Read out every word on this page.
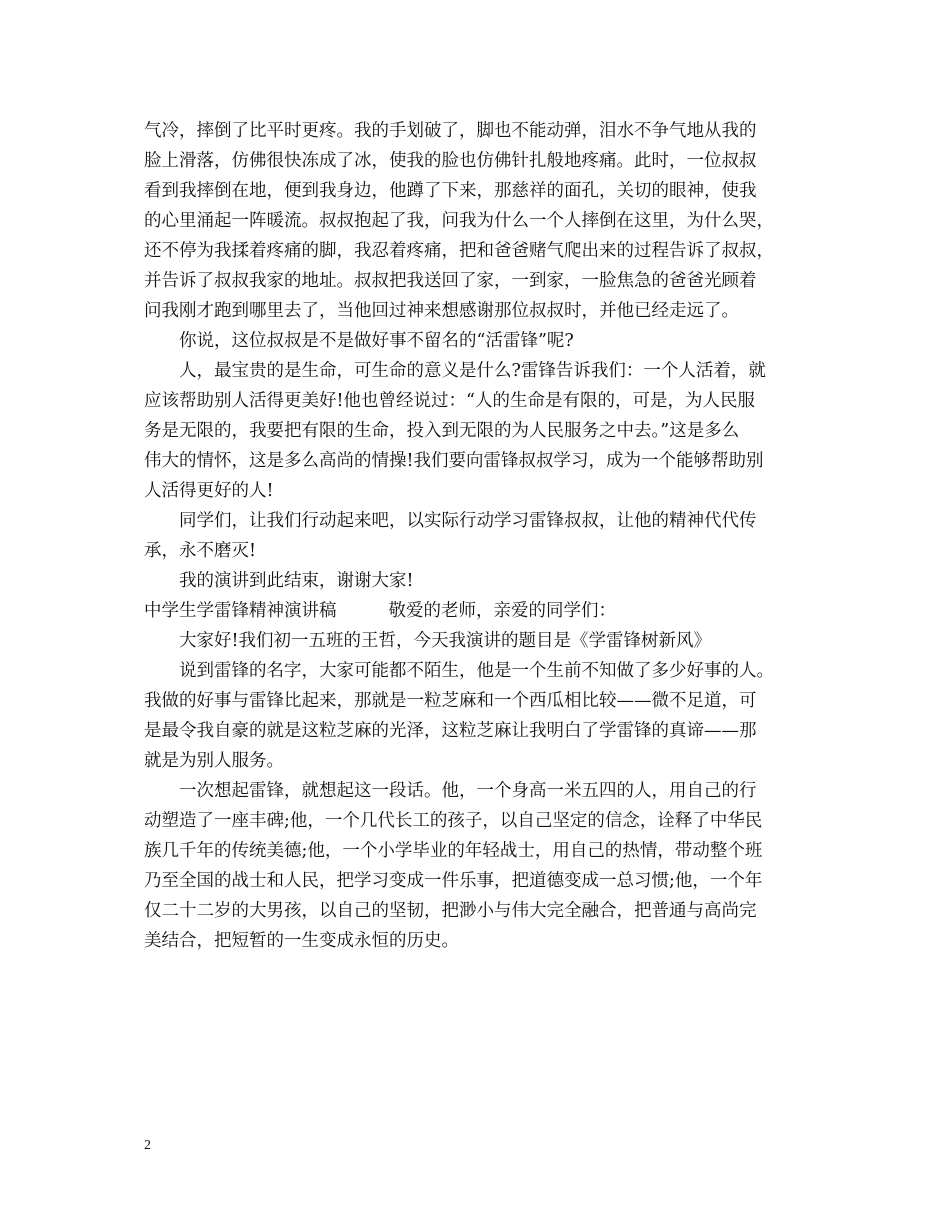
气冷，摔倒了比平时更疼。我的手划破了，脚也不能动弹，泪水不争气地从我的
脸上滑落，仿佛很快冻成了冰，使我的脸也仿佛针扎般地疼痛。此时，一位叔叔
看到我摔倒在地，便到我身边，他蹲了下来，那慈祥的面孔，关切的眼神，使我
的心里涌起一阵暖流。叔叔抱起了我，问我为什么一个人摔倒在这里，为什么哭，
还不停为我揉着疼痛的脚，我忍着疼痛，把和爸爸赌气爬出来的过程告诉了叔叔，
并告诉了叔叔我家的地址。叔叔把我送回了家，一到家，一脸焦急的爸爸光顾着
问我刚才跑到哪里去了，当他回过神来想感谢那位叔叔时，并他已经走远了。
你说，这位叔叔是不是做好事不留名的“活雷锋”呢?
人，最宝贵的是生命，可生命的意义是什么?雷锋告诉我们：一个人活着，就
应该帮助别人活得更美好!他也曾经说过：“人的生命是有限的，可是，为人民服
务是无限的，我要把有限的生命，投入到无限的为人民服务之中去。”这是多么
伟大的情怀，这是多么高尚的情操!我们要向雷锋叔叔学习，成为一个能够帮助别
人活得更好的人!
同学们，让我们行动起来吧，以实际行动学习雷锋叔叔，让他的精神代代传
承，永不磨灭!
我的演讲到此结束，谢谢大家!
中学生学雷锋精神演讲稿	敬爱的老师，亲爱的同学们：
大家好!我们初一五班的王哲，今天我演讲的题目是《学雷锋树新风》
说到雷锋的名字，大家可能都不陌生，他是一个生前不知做了多少好事的人。
我做的好事与雷锋比起来，那就是一粒芝麻和一个西瓜相比较——微不足道，可
是最令我自豪的就是这粒芝麻的光泽，这粒芝麻让我明白了学雷锋的真谛——那
就是为别人服务。
一次想起雷锋，就想起这一段话。他，一个身高一米五四的人，用自己的行
动塑造了一座丰碑;他，一个几代长工的孩子，以自己坚定的信念，诠释了中华民
族几千年的传统美德;他，一个小学毕业的年轻战士，用自己的热情，带动整个班
乃至全国的战士和人民，把学习变成一件乐事，把道德变成一总习惯;他，一个年
仅二十二岁的大男孩，以自己的坚韧，把渺小与伟大完全融合，把普通与高尚完
美结合，把短暂的一生变成永恒的历史。
2
